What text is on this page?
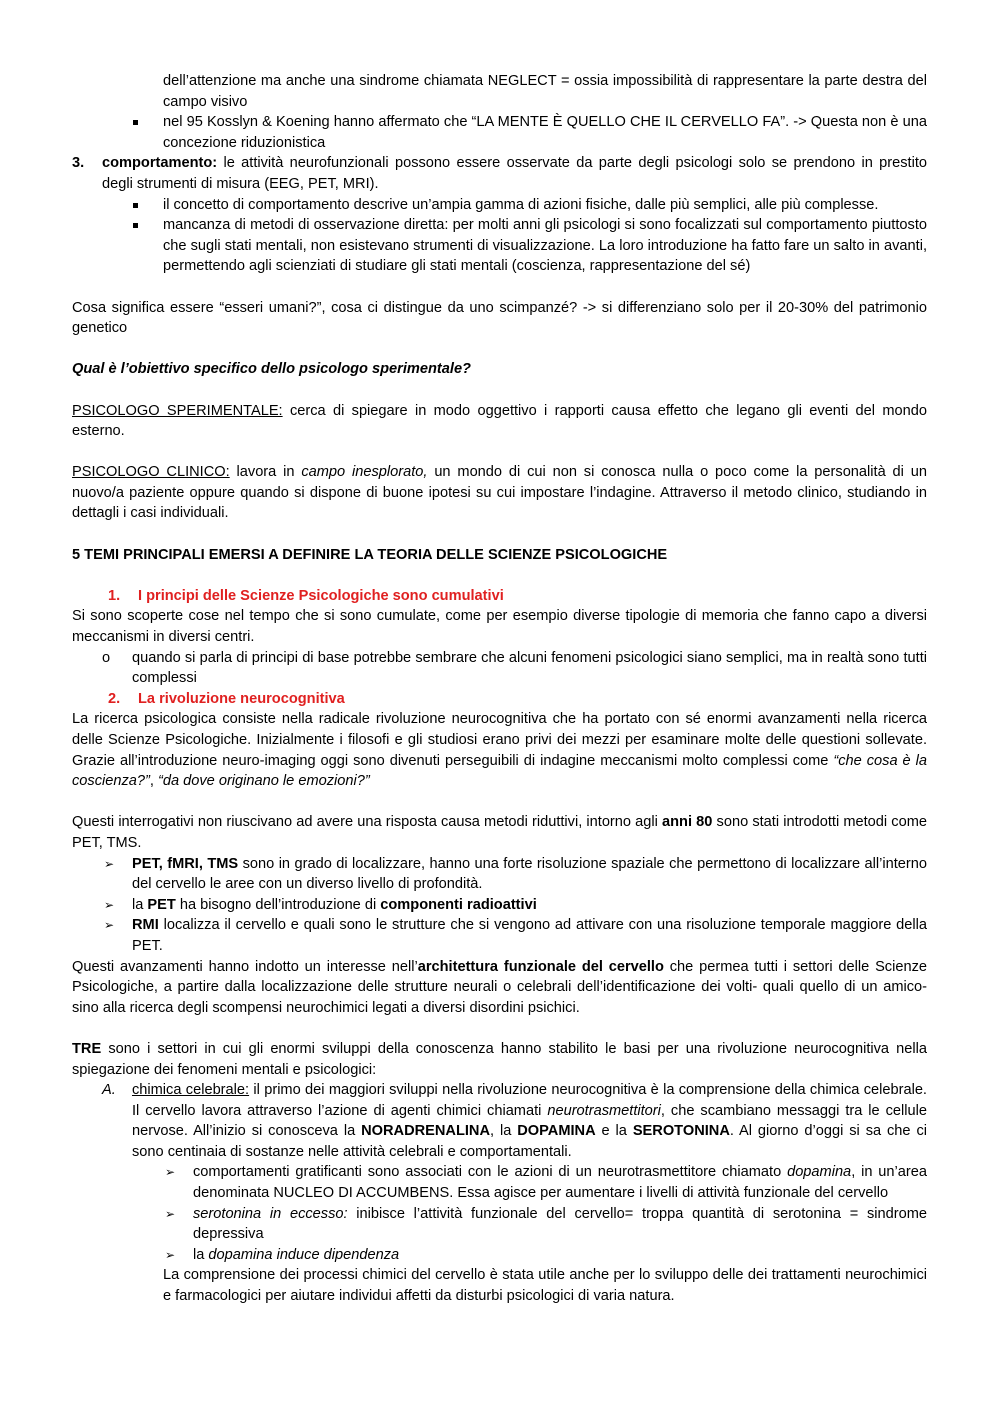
dell’attenzione ma anche una sindrome chiamata NEGLECT = ossia impossibilità di rappresentare la parte destra del campo visivo

nel 95 Kosslyn & Koening hanno affermato che “LA MENTE È QUELLO CHE IL CERVELLO FA”. -> Questa non è una concezione riduzionistica

3. comportamento: le attività neurofunzionali possono essere osservate da parte degli psicologi solo se prendono in prestito degli strumenti di misura (EEG, PET, MRI).

il concetto di comportamento descrive un’ampia gamma di azioni fisiche, dalle più semplici, alle più complesse.

mancanza di metodi di osservazione diretta: per molti anni gli psicologi si sono focalizzati sul comportamento piuttosto che sugli stati mentali, non esistevano strumenti di visualizzazione. La loro introduzione ha fatto fare un salto in avanti, permettendo agli scienziati di studiare gli stati mentali (coscienza, rappresentazione del sé)

Cosa significa essere “esseri umani?”, cosa ci distingue da uno scimpanzé? -> si differenziano solo per il 20-30% del patrimonio genetico

Qual è l’obiettivo specifico dello psicologo sperimentale?

PSICOLOGO SPERIMENTALE: cerca di spiegare in modo oggettivo i rapporti causa effetto che legano gli eventi del mondo esterno.

PSICOLOGO CLINICO: lavora in campo inesplorato, un mondo di cui non si conosca nulla o poco come la personalità di un nuovo/a paziente oppure quando si dispone di buone ipotesi su cui impostare l’indagine. Attraverso il metodo clinico, studiando in dettagli i casi individuali.

5 TEMI PRINCIPALI EMERSI A DEFINIRE LA TEORIA DELLE SCIENZE PSICOLOGICHE

1. I principi delle Scienze Psicologiche sono cumulativi

Si sono scoperte cose nel tempo che si sono cumulate, come per esempio diverse tipologie di memoria che fanno capo a diversi meccanismi in diversi centri.

o quando si parla di principi di base potrebbe sembrare che alcuni fenomeni psicologici siano semplici, ma in realtà sono tutti complessi

2. La rivoluzione neurocognitiva

La ricerca psicologica consiste nella radicale rivoluzione neurocognitiva che ha portato con sé enormi avanzamenti nella ricerca delle Scienze Psicologiche. Inizialmente i filosofi e gli studiosi erano privi dei mezzi per esaminare molte delle questioni sollevate. Grazie all’introduzione neuro-imaging oggi sono divenuti perseguibili di indagine meccanismi molto complessi come “che cosa è la coscienza?”, “da dove originano le emozioni?”

Questi interrogativi non riuscivano ad avere una risposta causa metodi riduttivi, intorno agli anni 80 sono stati introdotti metodi come PET, TMS.

➢ PET, fMRI, TMS sono in grado di localizzare, hanno una forte risoluzione spaziale che permettono di localizzare all’interno del cervello le aree con un diverso livello di profondità.

➢ la PET ha bisogno dell’introduzione di componenti radioattivi

➢ RMI localizza il cervello e quali sono le strutture che si vengono ad attivare con una risoluzione temporale maggiore della PET.

Questi avanzamenti hanno indotto un interesse nell’architettura funzionale del cervello che permea tutti i settori delle Scienze Psicologiche, a partire dalla localizzazione delle strutture neurali o celebrali dell’identificazione dei volti- quali quello di un amico- sino alla ricerca degli scompensi neurochimici legati a diversi disordini psichici.

TRE sono i settori in cui gli enormi sviluppi della conoscenza hanno stabilito le basi per una rivoluzione neurocognitiva nella spiegazione dei fenomeni mentali e psicologici:

A. chimica celebrale: il primo dei maggiori sviluppi nella rivoluzione neurocognitiva è la comprensione della chimica celebrale. Il cervello lavora attraverso l’azione di agenti chimici chiamati neurotrasmettitori, che scambiano messaggi tra le cellule nervose. All’inizio si conosceva la NORADRENALINA, la DOPAMINA e la SEROTONINA. Al giorno d’oggi si sa che ci sono centinaia di sostanze nelle attività celebrali e comportamentali.

➢ comportamenti gratificanti sono associati con le azioni di un neurotrasmettitore chiamato dopamina, in un’area denominata NUCLEO DI ACCUMBENS. Essa agisce per aumentare i livelli di attività funzionale del cervello

➢ serotonina in eccesso: inibisce l’attività funzionale del cervello= troppa quantità di serotonina = sindrome depressiva

➢ la dopamina induce dipendenza

La comprensione dei processi chimici del cervello è stata utile anche per lo sviluppo delle dei trattamenti neurochimici e farmacologici per aiutare individui affetti da disturbi psicologici di varia natura.
